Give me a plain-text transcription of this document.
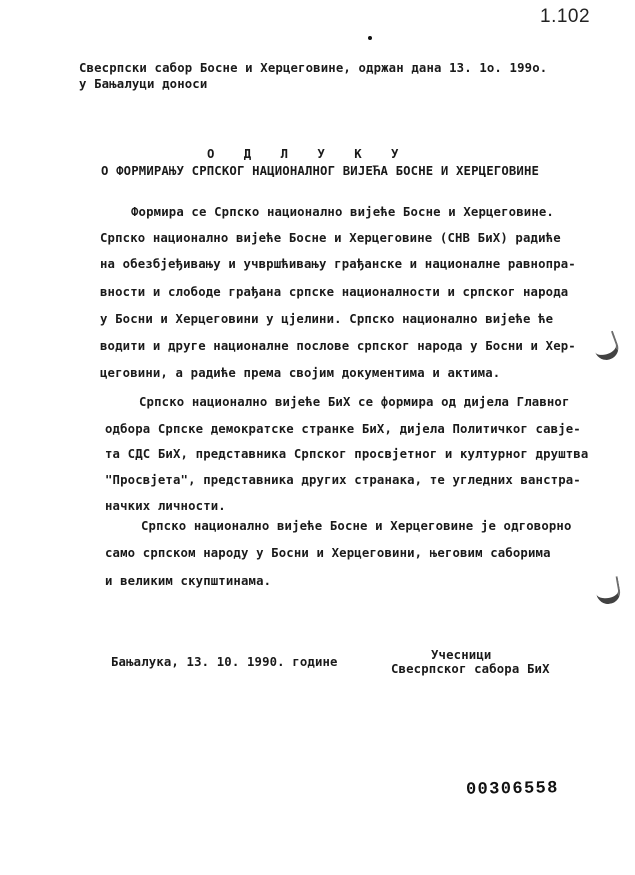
1.102
Свесрпски сабор Босне и Херцеговине, одржан дана 13. 1о. 199о.
у Бањалуци доноси
О Д Л У К У
О ФОРМИРАЊУ СРПСКОГ НАЦИОНАЛНОГ ВИЈЕЋА БОСНЕ И ХЕРЦЕГОВИНЕ
Формира се Српско национално вијеће Босне и Херцеговине.
Српско национално вијеће Босне и Херцеговине (СНВ БиХ) радиће
на обезбјеђивању и учвршћивању грађанске и националне равнопра-
вности и слободе грађана српске националности и српског народа
у Босни и Херцеговини у цјелини. Српско национално вијеће ће
водити и друге националне послове српског народа у Босни и Хер-
цеговини, а радиће према својим документима и актима.
Српско национално вијеће БиХ се формира од дијела Главног
одбора Српске демократске странке БиХ, дијела Политичког савје-
та СДС БиХ, представника Српског просвјетног и културног друштва
"Просвјета", представника других странака, те угледних ванстра-
начких личности.
Српско национално вијеће Босне и Херцеговине је одговорно
само српском народу у Босни и Херцеговини, његовим саборима
и великим скупштинама.
Бањалука, 13. 10. 1990. године	Учесници
Свесрпског сабора БиХ
00306558
